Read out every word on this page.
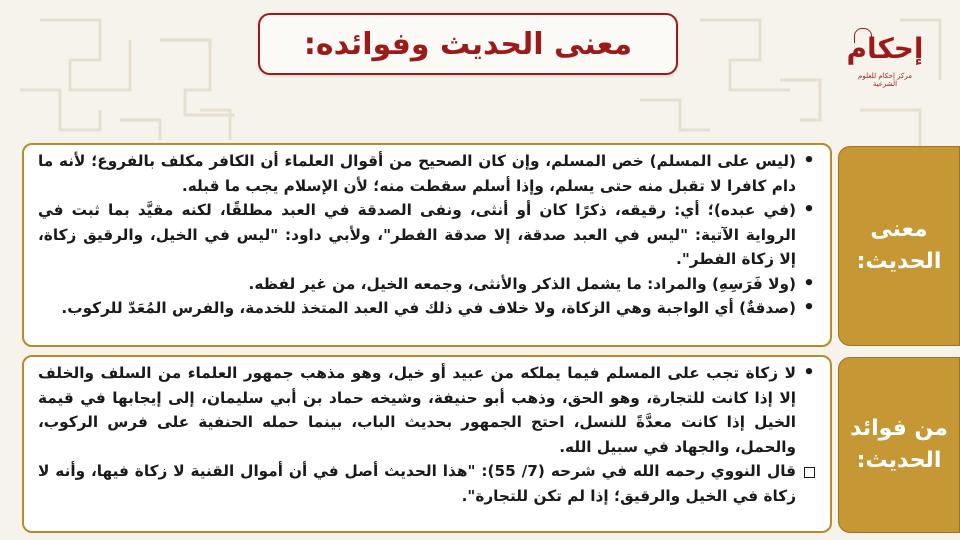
معنى الحديث وفوائده:	إحكام
مركز إحكام للعلوم الشرعية
معنى
الحديث:
•
(ليس على المسلم) خص المسلم، وإن كان الصحيح من أقوال العلماء أن الكافر مكلف بالفروع؛ لأنه ما دام كافرا لا تقبل منه حتى يسلم، وإذا أسلم سقطت منه؛ لأن الإسلام يجب ما قبله.
•
(في عبده)؛ أي: رقيقه، ذكرًا كان أو أنثى، ونفى الصدقة في العبد مطلقًا، لكنه مقيَّد بما ثبت في الرواية الآتية: "ليس في العبد صدقة، إلا صدقة الفطر"، ولأبي داود: "ليس في الخيل، والرقيق زكاة، إلا زكاة الفطر".
•
(ولا فَرَسِهِ) والمراد: ما يشمل الذكر والأنثى، وجمعه الخيل، من غير لفظه.
•
(صدقةٌ) أي الواجبة وهي الزكاة، ولا خلاف في ذلك في العبد المتخذ للخدمة، والفرس المُعَدّ للركوب.
من فوائد
الحديث:
•
لا زكاة تجب على المسلم فيما يملكه من عبيد أو خيل، وهو مذهب جمهور العلماء من السلف والخلف إلا إذا كانت للتجارة، وهو الحق، وذهب أبو حنيفة، وشيخه حماد بن أبي سليمان، إلى إيجابها في قيمة الخيل إذا كانت معدَّةً للنسل، احتج الجمهور بحديث الباب، بينما حمله الحنفية على فرس الركوب، والحمل، والجهاد في سبيل الله.
قال النووي رحمه الله في شرحه (7/ 55): "هذا الحديث أصل في أن أموال القنية لا زكاة فيها، وأنه لا زكاة في الخيل والرقيق؛ إذا لم تكن للتجارة".
